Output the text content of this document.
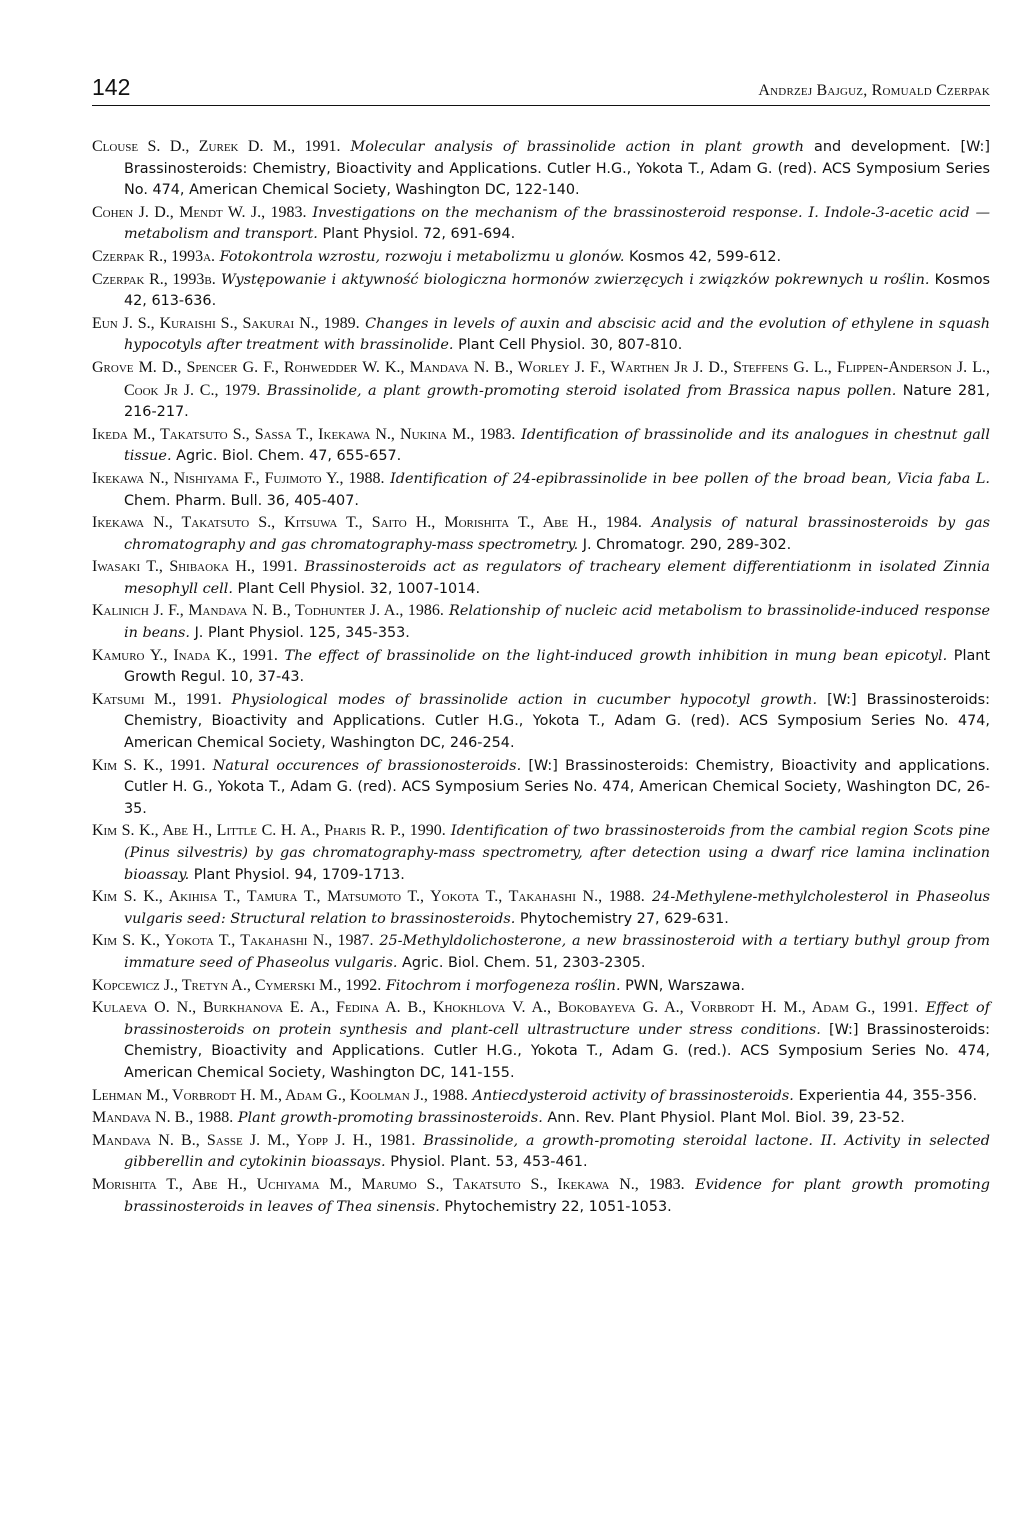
142	Andrzej Bajguz, Romuald Czerpak
Clouse S. D., Zurek D. M., 1991. Molecular analysis of brassinolide action in plant growth and development. [W:] Brassinosteroids: Chemistry, Bioactivity and Applications. Cutler H.G., Yokota T., Adam G. (red). ACS Symposium Series No. 474, American Chemical Society, Washington DC, 122-140.
Cohen J. D., Mendt W. J., 1983. Investigations on the mechanism of the brassinosteroid response. I. Indole-3-acetic acid — metabolism and transport. Plant Physiol. 72, 691-694.
Czerpak R., 1993a. Fotokontrola wzrostu, rozwoju i metabolizmu u glonów. Kosmos 42, 599-612.
Czerpak R., 1993b. Występowanie i aktywność biologiczna hormonów zwierzęcych i związków pokrewnych u roślin. Kosmos 42, 613-636.
Eun J. S., Kuraishi S., Sakurai N., 1989. Changes in levels of auxin and abscisic acid and the evolution of ethylene in squash hypocotyls after treatment with brassinolide. Plant Cell Physiol. 30, 807-810.
Grove M. D., Spencer G. F., Rohwedder W. K., Mandava N. B., Worley J. F., Warthen Jr J. D., Steffens G. L., Flippen-Anderson J. L., Cook Jr J. C., 1979. Brassinolide, a plant growth-promoting steroid isolated from Brassica napus pollen. Nature 281, 216-217.
Ikeda M., Takatsuto S., Sassa T., Ikekawa N., Nukina M., 1983. Identification of brassinolide and its analogues in chestnut gall tissue. Agric. Biol. Chem. 47, 655-657.
Ikekawa N., Nishiyama F., Fujimoto Y., 1988. Identification of 24-epibrassinolide in bee pollen of the broad bean, Vicia faba L. Chem. Pharm. Bull. 36, 405-407.
Ikekawa N., Takatsuto S., Kitsuwa T., Saito H., Morishita T., Abe H., 1984. Analysis of natural brassinosteroids by gas chromatography and gas chromatography-mass spectrometry. J. Chromatogr. 290, 289-302.
Iwasaki T., Shibaoka H., 1991. Brassinosteroids act as regulators of tracheary element differentiationm in isolated Zinnia mesophyll cell. Plant Cell Physiol. 32, 1007-1014.
Kalinich J. F., Mandava N. B., Todhunter J. A., 1986. Relationship of nucleic acid metabolism to brassinolide-induced response in beans. J. Plant Physiol. 125, 345-353.
Kamuro Y., Inada K., 1991. The effect of brassinolide on the light-induced growth inhibition in mung bean epicotyl. Plant Growth Regul. 10, 37-43.
Katsumi M., 1991. Physiological modes of brassinolide action in cucumber hypocotyl growth. [W:] Brassinosteroids: Chemistry, Bioactivity and Applications. Cutler H.G., Yokota T., Adam G. (red). ACS Symposium Series No. 474, American Chemical Society, Washington DC, 246-254.
Kim S. K., 1991. Natural occurences of brassionosteroids. [W:] Brassinosteroids: Chemistry, Bioactivity and applications. Cutler H. G., Yokota T., Adam G. (red). ACS Symposium Series No. 474, American Chemical Society, Washington DC, 26-35.
Kim S. K., Abe H., Little C. H. A., Pharis R. P., 1990. Identification of two brassinosteroids from the cambial region Scots pine (Pinus silvestris) by gas chromatography-mass spectrometry, after detection using a dwarf rice lamina inclination bioassay. Plant Physiol. 94, 1709-1713.
Kim S. K., Akihisa T., Tamura T., Matsumoto T., Yokota T., Takahashi N., 1988. 24-Methylene-methylcholesterol in Phaseolus vulgaris seed: Structural relation to brassinosteroids. Phytochemistry 27, 629-631.
Kim S. K., Yokota T., Takahashi N., 1987. 25-Methyldolichosterone, a new brassinosteroid with a tertiary buthyl group from immature seed of Phaseolus vulgaris. Agric. Biol. Chem. 51, 2303-2305.
Kopcewicz J., Tretyn A., Cymerski M., 1992. Fitochrom i morfogeneza roślin. PWN, Warszawa.
Kulaeva O. N., Burkhanova E. A., Fedina A. B., Khokhlova V. A., Bokobayeva G. A., Vorbrodt H. M., Adam G., 1991. Effect of brassinosteroids on protein synthesis and plant-cell ultrastructure under stress conditions. [W:] Brassinosteroids: Chemistry, Bioactivity and Applications. Cutler H.G., Yokota T., Adam G. (red.). ACS Symposium Series No. 474, American Chemical Society, Washington DC, 141-155.
Lehman M., Vorbrodt H. M., Adam G., Koolman J., 1988. Antiecdysteroid activity of brassinosteroids. Experientia 44, 355-356.
Mandava N. B., 1988. Plant growth-promoting brassinosteroids. Ann. Rev. Plant Physiol. Plant Mol. Biol. 39, 23-52.
Mandava N. B., Sasse J. M., Yopp J. H., 1981. Brassinolide, a growth-promoting steroidal lactone. II. Activity in selected gibberellin and cytokinin bioassays. Physiol. Plant. 53, 453-461.
Morishita T., Abe H., Uchiyama M., Marumo S., Takatsuto S., Ikekawa N., 1983. Evidence for plant growth promoting brassinosteroids in leaves of Thea sinensis. Phytochemistry 22, 1051-1053.
